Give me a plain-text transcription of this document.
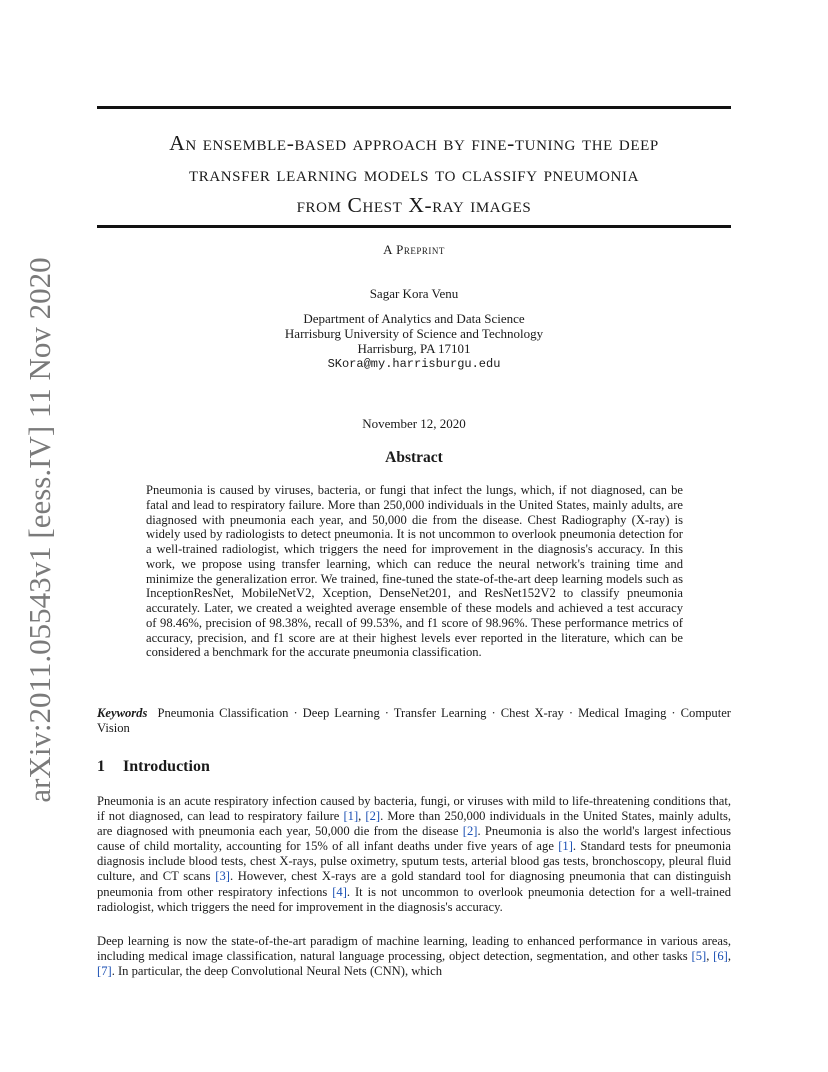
arXiv:2011.05543v1 [eess.IV] 11 Nov 2020
An ensemble-based approach by fine-tuning the deep
transfer learning models to classify pneumonia
from Chest X-ray images
A Preprint
Sagar Kora Venu
Department of Analytics and Data Science
Harrisburg University of Science and Technology
Harrisburg, PA 17101
SKora@my.harrisburgu.edu
November 12, 2020
Abstract
Pneumonia is caused by viruses, bacteria, or fungi that infect the lungs, which, if not diagnosed, can be fatal and lead to respiratory failure. More than 250,000 individuals in the United States, mainly adults, are diagnosed with pneumonia each year, and 50,000 die from the disease. Chest Radiography (X-ray) is widely used by radiologists to detect pneumonia. It is not uncommon to overlook pneumonia detection for a well-trained radiologist, which triggers the need for improvement in the diagnosis's accuracy. In this work, we propose using transfer learning, which can reduce the neural network's training time and minimize the generalization error. We trained, fine-tuned the state-of-the-art deep learning models such as InceptionResNet, MobileNetV2, Xception, DenseNet201, and ResNet152V2 to classify pneumonia accurately. Later, we created a weighted average ensemble of these models and achieved a test accuracy of 98.46%, precision of 98.38%, recall of 99.53%, and f1 score of 98.96%. These performance metrics of accuracy, precision, and f1 score are at their highest levels ever reported in the literature, which can be considered a benchmark for the accurate pneumonia classification.
Keywords Pneumonia Classification · Deep Learning · Transfer Learning · Chest X-ray · Medical Imaging · Computer Vision
1 Introduction

Pneumonia is an acute respiratory infection caused by bacteria, fungi, or viruses with mild to life-threatening conditions that, if not diagnosed, can lead to respiratory failure [1], [2]. More than 250,000 individuals in the United States, mainly adults, are diagnosed with pneumonia each year, 50,000 die from the disease [2]. Pneumonia is also the world's largest infectious cause of child mortality, accounting for 15% of all infant deaths under five years of age [1]. Standard tests for pneumonia diagnosis include blood tests, chest X-rays, pulse oximetry, sputum tests, arterial blood gas tests, bronchoscopy, pleural fluid culture, and CT scans [3]. However, chest X-rays are a gold standard tool for diagnosing pneumonia that can distinguish pneumonia from other respiratory infections [4]. It is not uncommon to overlook pneumonia detection for a well-trained radiologist, which triggers the need for improvement in the diagnosis's accuracy.

Deep learning is now the state-of-the-art paradigm of machine learning, leading to enhanced performance in various areas, including medical image classification, natural language processing, object detection, segmentation, and other tasks [5], [6], [7]. In particular, the deep Convolutional Neural Nets (CNN), which
